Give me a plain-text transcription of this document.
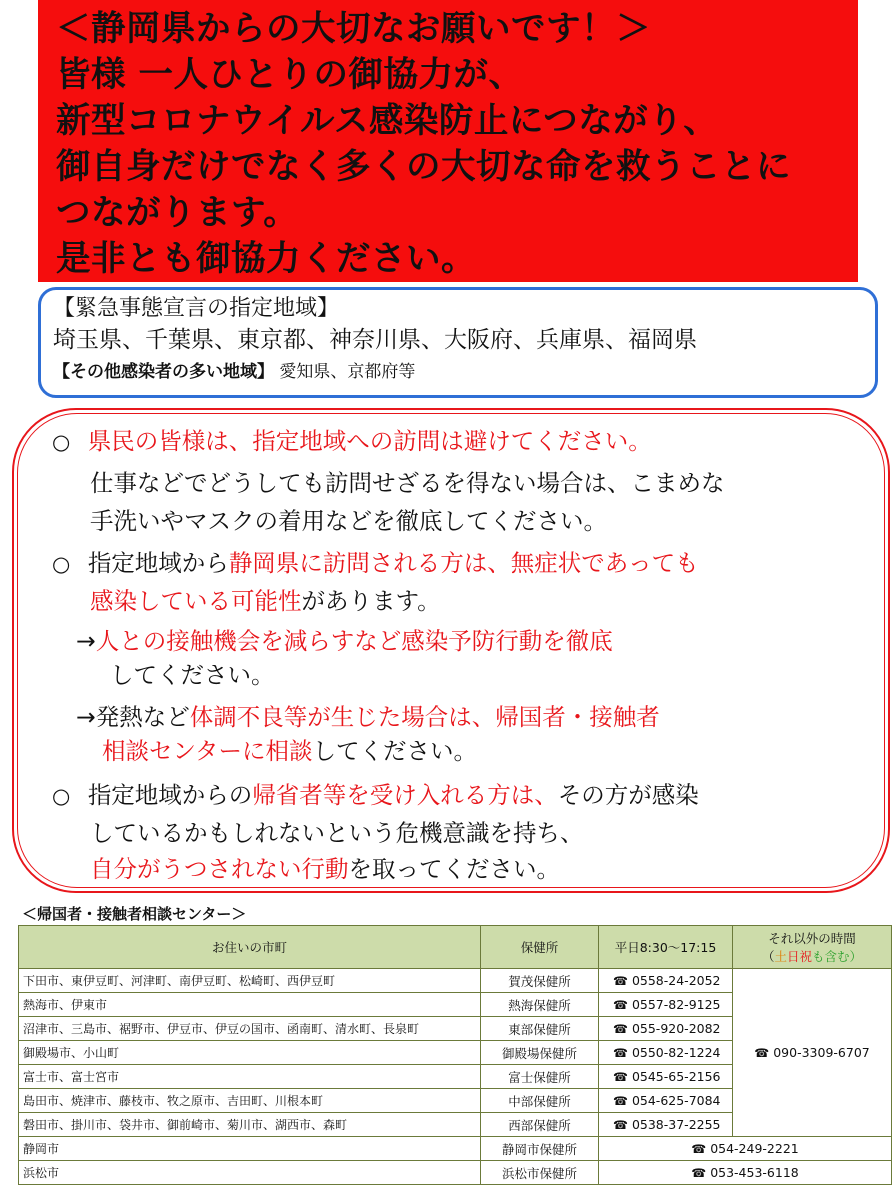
＜静岡県からの大切なお願いです！＞
皆様 一人ひとりの御協力が、
新型コロナウイルス感染防止につながり、
御自身だけでなく多くの大切な命を救うことに
つながります。
是非とも御協力ください。
【緊急事態宣言の指定地域】
埼玉県、千葉県、東京都、神奈川県、大阪府、兵庫県、福岡県
【その他感染者の多い地域】 愛知県、京都府等
○ 県民の皆様は、指定地域への訪問は避けてください。
仕事などでどうしても訪問せざるを得ない場合は、こまめな
手洗いやマスクの着用などを徹底してください。
○ 指定地域から静岡県に訪問される方は、無症状であっても
感染している可能性があります。
→人との接触機会を減らすなど感染予防行動を徹底
してください。
→発熱など体調不良等が生じた場合は、帰国者・接触者
相談センターに相談してください。
○ 指定地域からの帰省者等を受け入れる方は、その方が感染
しているかもしれないという危機意識を持ち、
自分がうつされない行動を取ってください。
＜帰国者・接触者相談センター＞
お住いの市町	保健所	平日8:30～17:15	それ以外の時間
（土日祝も含む）

下田市、東伊豆町、河津町、南伊豆町、松崎町、西伊豆町	賀茂保健所	☎ 0558-24-2052	☎ 090-3309-6707
熱海市、伊東市	熱海保健所	☎ 0557-82-9125	
沼津市、三島市、裾野市、伊豆市、伊豆の国市、函南町、清水町、長泉町	東部保健所	☎ 055-920-2082	
御殿場市、小山町	御殿場保健所	☎ 0550-82-1224	
富士市、富士宮市	富士保健所	☎ 0545-65-2156	
島田市、焼津市、藤枝市、牧之原市、吉田町、川根本町	中部保健所	☎ 054-625-7084	
磐田市、掛川市、袋井市、御前崎市、菊川市、湖西市、森町	西部保健所	☎ 0538-37-2255	
静岡市	静岡市保健所	☎ 054-249-2221	
浜松市	浜松市保健所	☎ 053-453-6118	
